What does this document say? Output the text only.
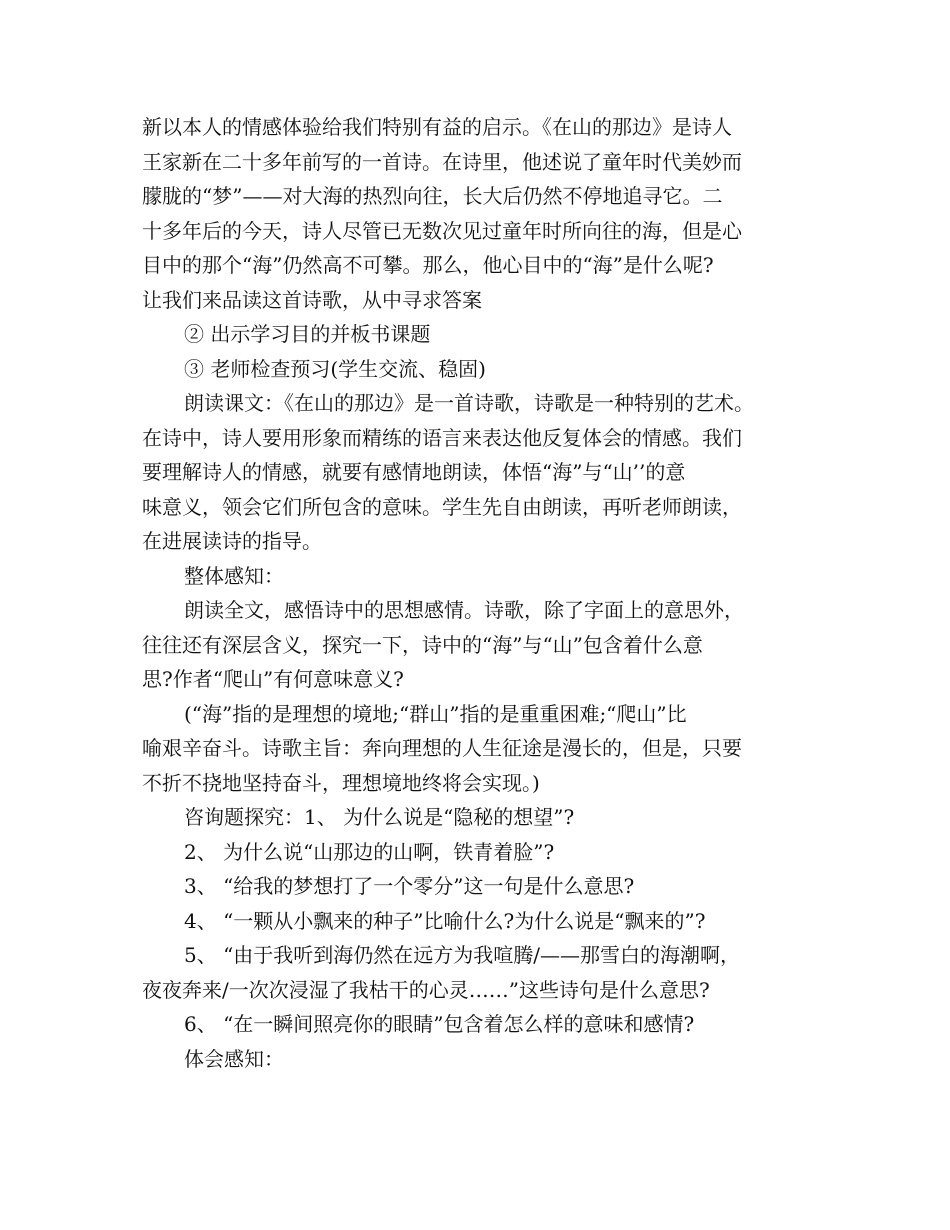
新以本人的情感体验给我们特别有益的启示。《在山的那边》是诗人
王家新在二十多年前写的一首诗。在诗里，他述说了童年时代美妙而
朦胧的“梦”——对大海的热烈向往，长大后仍然不停地追寻它。二
十多年后的今天，诗人尽管已无数次见过童年时所向往的海，但是心
目中的那个“海”仍然高不可攀。那么，他心目中的“海”是什么呢?
让我们来品读这首诗歌，从中寻求答案
② 出示学习目的并板书课题
③ 老师检查预习(学生交流、稳固)
朗读课文：《在山的那边》是一首诗歌，诗歌是一种特别的艺术。
在诗中，诗人要用形象而精练的语言来表达他反复体会的情感。我们
要理解诗人的情感，就要有感情地朗读，体悟“海”与“山’’的意
味意义，领会它们所包含的意味。学生先自由朗读，再听老师朗读，
在进展读诗的指导。
整体感知：
朗读全文，感悟诗中的思想感情。诗歌，除了字面上的意思外，
往往还有深层含义，探究一下，诗中的“海”与“山”包含着什么意
思?作者“爬山”有何意味意义?
(“海”指的是理想的境地;“群山”指的是重重困难;“爬山”比
喻艰辛奋斗。诗歌主旨：奔向理想的人生征途是漫长的，但是，只要
不折不挠地坚持奋斗，理想境地终将会实现。)
咨询题探究：1、 为什么说是“隐秘的想望”?
2、 为什么说“山那边的山啊，铁青着脸”?
3、 “给我的梦想打了一个零分”这一句是什么意思?
4、 “一颗从小飘来的种子”比喻什么?为什么说是“飘来的”?
5、 “由于我听到海仍然在远方为我喧腾/——那雪白的海潮啊，
夜夜奔来/一次次浸湿了我枯干的心灵……”这些诗句是什么意思?
6、 “在一瞬间照亮你的眼睛”包含着怎么样的意味和感情?
体会感知：
